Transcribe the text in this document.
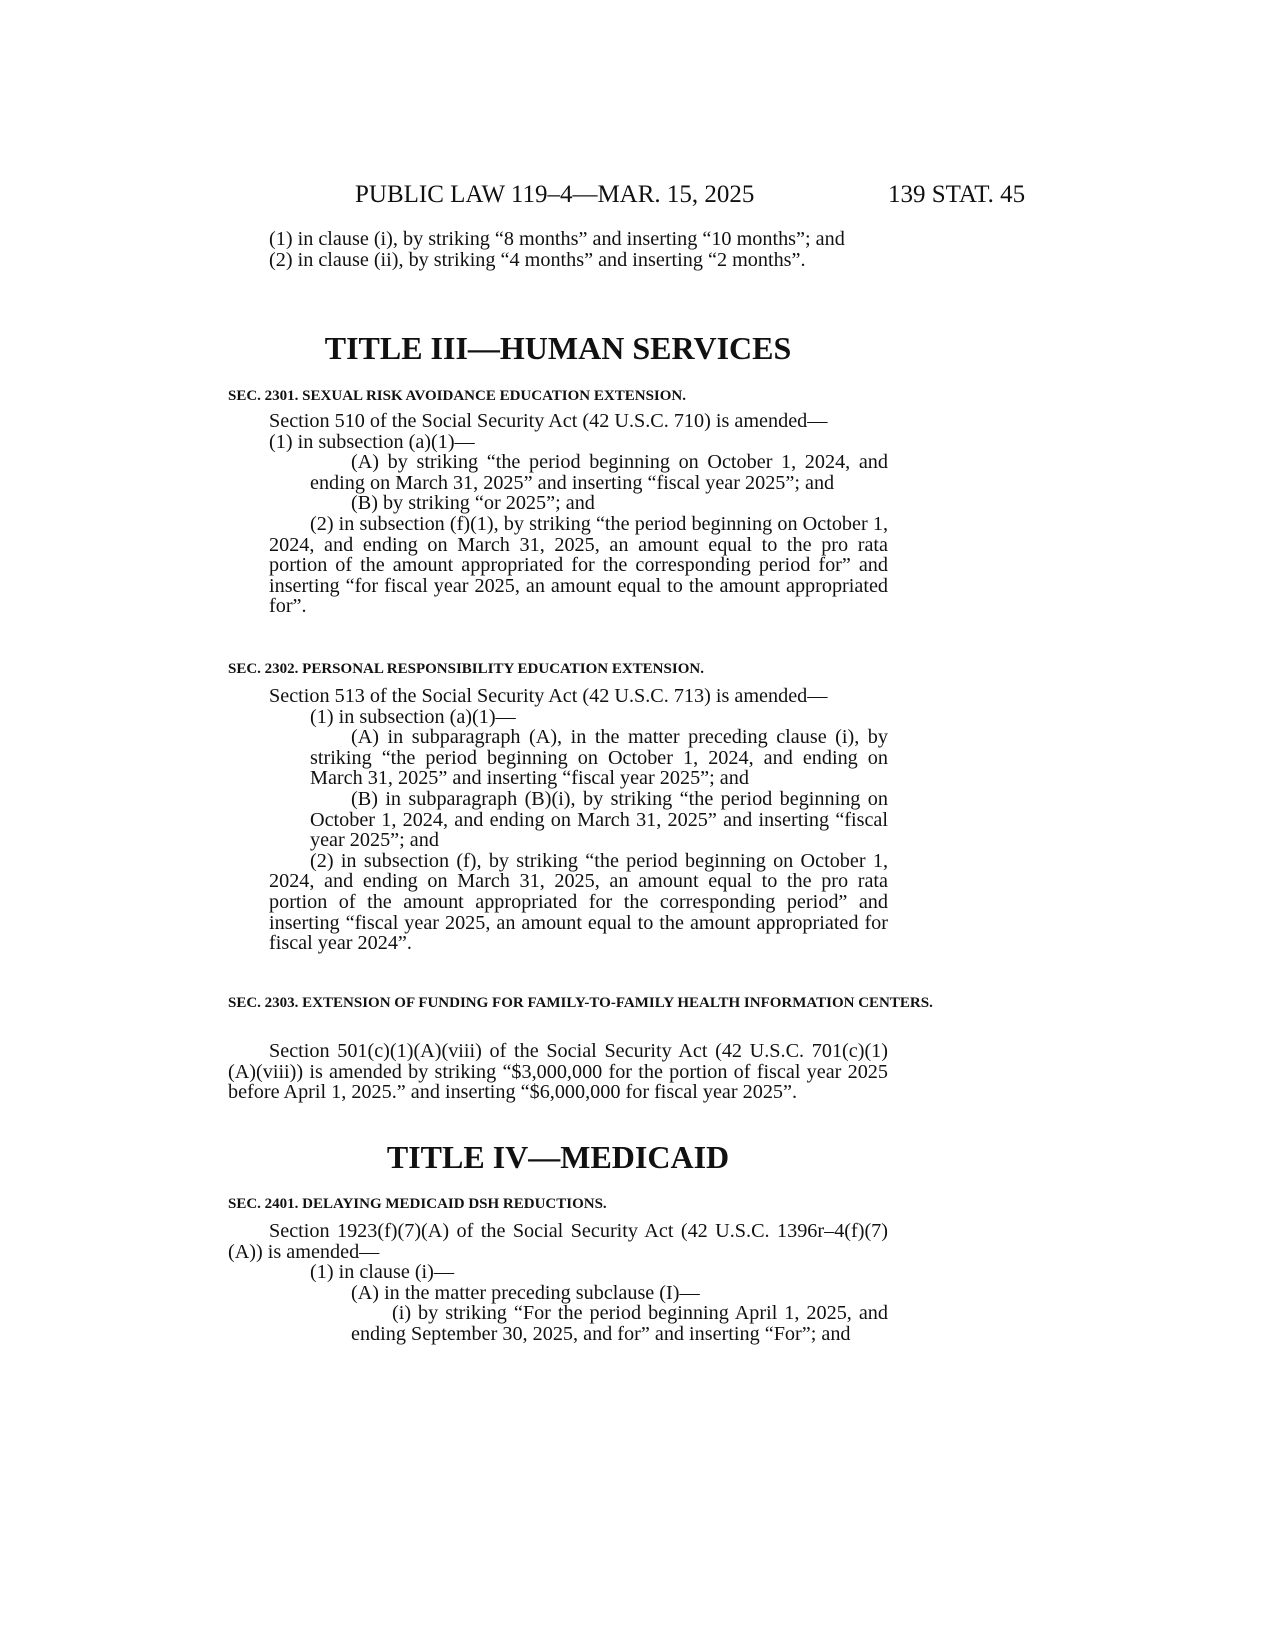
PUBLIC LAW 119–4—MAR. 15, 2025	139 STAT. 45

(1) in clause (i), by striking “8 months” and inserting “10 months”; and

(2) in clause (ii), by striking “4 months” and inserting “2 months”.

TITLE III—HUMAN SERVICES

SEC. 2301. SEXUAL RISK AVOIDANCE EDUCATION EXTENSION.

Section 510 of the Social Security Act (42 U.S.C. 710) is amended—

(1) in subsection (a)(1)—

(A) by striking “the period beginning on October 1, 2024, and ending on March 31, 2025” and inserting “fiscal year 2025”; and

(B) by striking “or 2025”; and

(2) in subsection (f)(1), by striking “the period beginning on October 1, 2024, and ending on March 31, 2025, an amount equal to the pro rata portion of the amount appropriated for the corresponding period for” and inserting “for fiscal year 2025, an amount equal to the amount appropriated for”.

SEC. 2302. PERSONAL RESPONSIBILITY EDUCATION EXTENSION.

Section 513 of the Social Security Act (42 U.S.C. 713) is amended—

(1) in subsection (a)(1)—

(A) in subparagraph (A), in the matter preceding clause (i), by striking “the period beginning on October 1, 2024, and ending on March 31, 2025” and inserting “fiscal year 2025”; and

(B) in subparagraph (B)(i), by striking “the period beginning on October 1, 2024, and ending on March 31, 2025” and inserting “fiscal year 2025”; and

(2) in subsection (f), by striking “the period beginning on October 1, 2024, and ending on March 31, 2025, an amount equal to the pro rata portion of the amount appropriated for the corresponding period” and inserting “fiscal year 2025, an amount equal to the amount appropriated for fiscal year 2024”.

SEC. 2303. EXTENSION OF FUNDING FOR FAMILY-TO-FAMILY HEALTH INFORMATION CENTERS.

Section 501(c)(1)(A)(viii) of the Social Security Act (42 U.S.C. 701(c)(1)(A)(viii)) is amended by striking “$3,000,000 for the portion of fiscal year 2025 before April 1, 2025.” and inserting “$6,000,000 for fiscal year 2025”.

TITLE IV—MEDICAID

SEC. 2401. DELAYING MEDICAID DSH REDUCTIONS.

Section 1923(f)(7)(A) of the Social Security Act (42 U.S.C. 1396r–4(f)(7)(A)) is amended—

(1) in clause (i)—

(A) in the matter preceding subclause (I)—

(i) by striking “For the period beginning April 1, 2025, and ending September 30, 2025, and for” and inserting “For”; and
